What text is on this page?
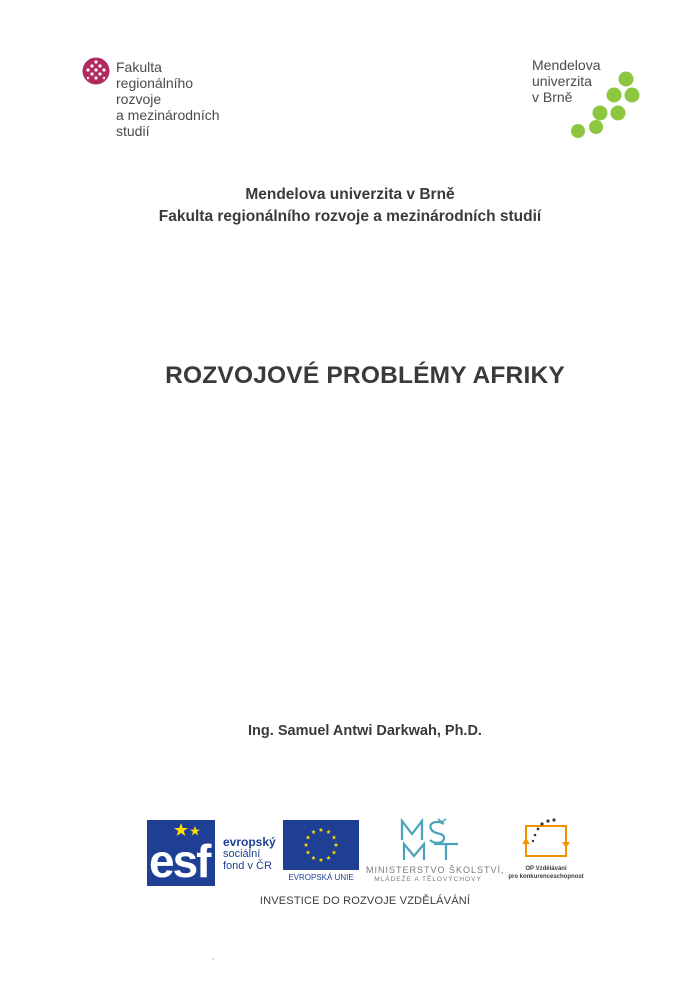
Fakulta
regionálního
rozvoje
a mezinárodních
studií
Mendelova
univerzita
v Brně
Mendelova univerzita v Brně
Fakulta regionálního rozvoje a mezinárodních studií
ROZVOJOVÉ PROBLÉMY AFRIKY
Ing. Samuel Antwi Darkwah, Ph.D.
esf evropský
sociální
fond v ČR
EVROPSKÁ UNIE
MINISTERSTVO ŠKOLSTVÍ,
MLÁDEŽE A TĚLOVÝCHOVY
OP Vzdělávání
pro konkurenceschopnost
INVESTICE DO ROZVOJE VZDĚLÁVÁNÍ
